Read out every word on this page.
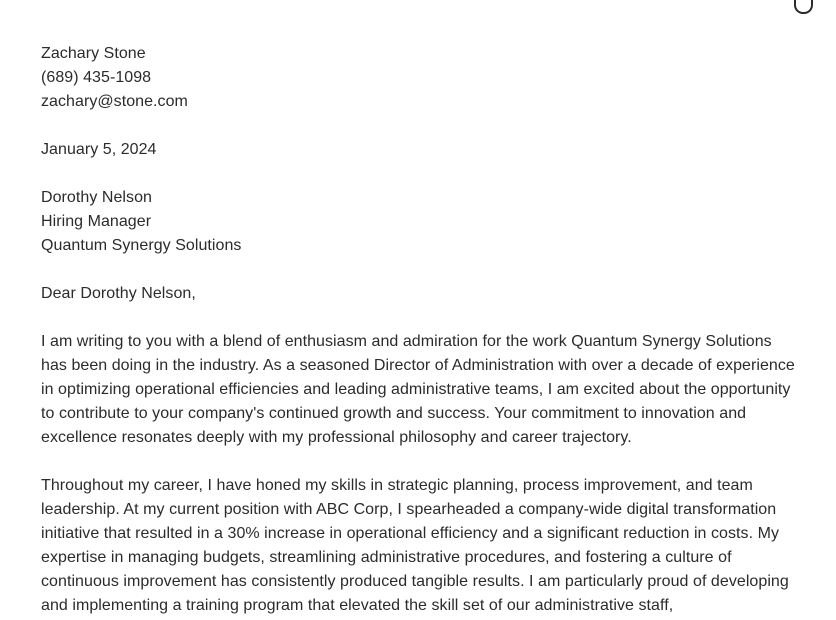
Zachary Stone
(689) 435-1098
zachary@stone.com
January 5, 2024
Dorothy Nelson
Hiring Manager
Quantum Synergy Solutions
Dear Dorothy Nelson,

I am writing to you with a blend of enthusiasm and admiration for the work Quantum Synergy Solutions has been doing in the industry. As a seasoned Director of Administration with over a decade of experience in optimizing operational efficiencies and leading administrative teams, I am excited about the opportunity to contribute to your company's continued growth and success. Your commitment to innovation and excellence resonates deeply with my professional philosophy and career trajectory.

Throughout my career, I have honed my skills in strategic planning, process improvement, and team leadership. At my current position with ABC Corp, I spearheaded a company-wide digital transformation initiative that resulted in a 30% increase in operational efficiency and a significant reduction in costs. My expertise in managing budgets, streamlining administrative procedures, and fostering a culture of continuous improvement has consistently produced tangible results. I am particularly proud of developing and implementing a training program that elevated the skill set of our administrative staff,
